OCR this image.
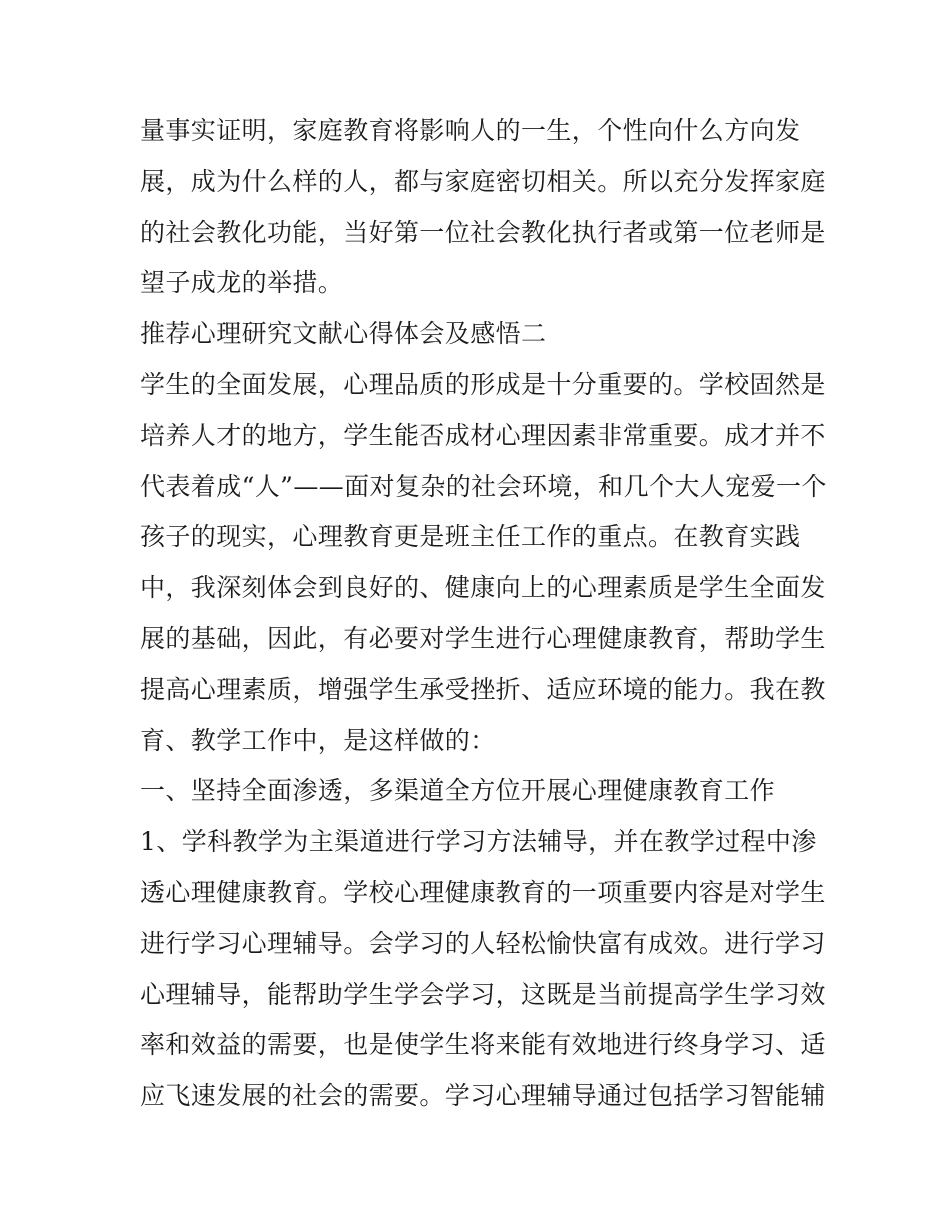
量事实证明，家庭教育将影响人的一生，个性向什么方向发
展，成为什么样的人，都与家庭密切相关。所以充分发挥家庭
的社会教化功能，当好第一位社会教化执行者或第一位老师是
望子成龙的举措。
推荐心理研究文献心得体会及感悟二
学生的全面发展，心理品质的形成是十分重要的。学校固然是
培养人才的地方，学生能否成材心理因素非常重要。成才并不
代表着成“人”——面对复杂的社会环境，和几个大人宠爱一个
孩子的现实，心理教育更是班主任工作的重点。在教育实践
中，我深刻体会到良好的、健康向上的心理素质是学生全面发
展的基础，因此，有必要对学生进行心理健康教育，帮助学生
提高心理素质，增强学生承受挫折、适应环境的能力。我在教
育、教学工作中，是这样做的：
一、坚持全面渗透，多渠道全方位开展心理健康教育工作
1、学科教学为主渠道进行学习方法辅导，并在教学过程中渗
透心理健康教育。学校心理健康教育的一项重要内容是对学生
进行学习心理辅导。会学习的人轻松愉快富有成效。进行学习
心理辅导，能帮助学生学会学习，这既是当前提高学生学习效
率和效益的需要，也是使学生将来能有效地进行终身学习、适
应飞速发展的社会的需要。学习心理辅导通过包括学习智能辅
